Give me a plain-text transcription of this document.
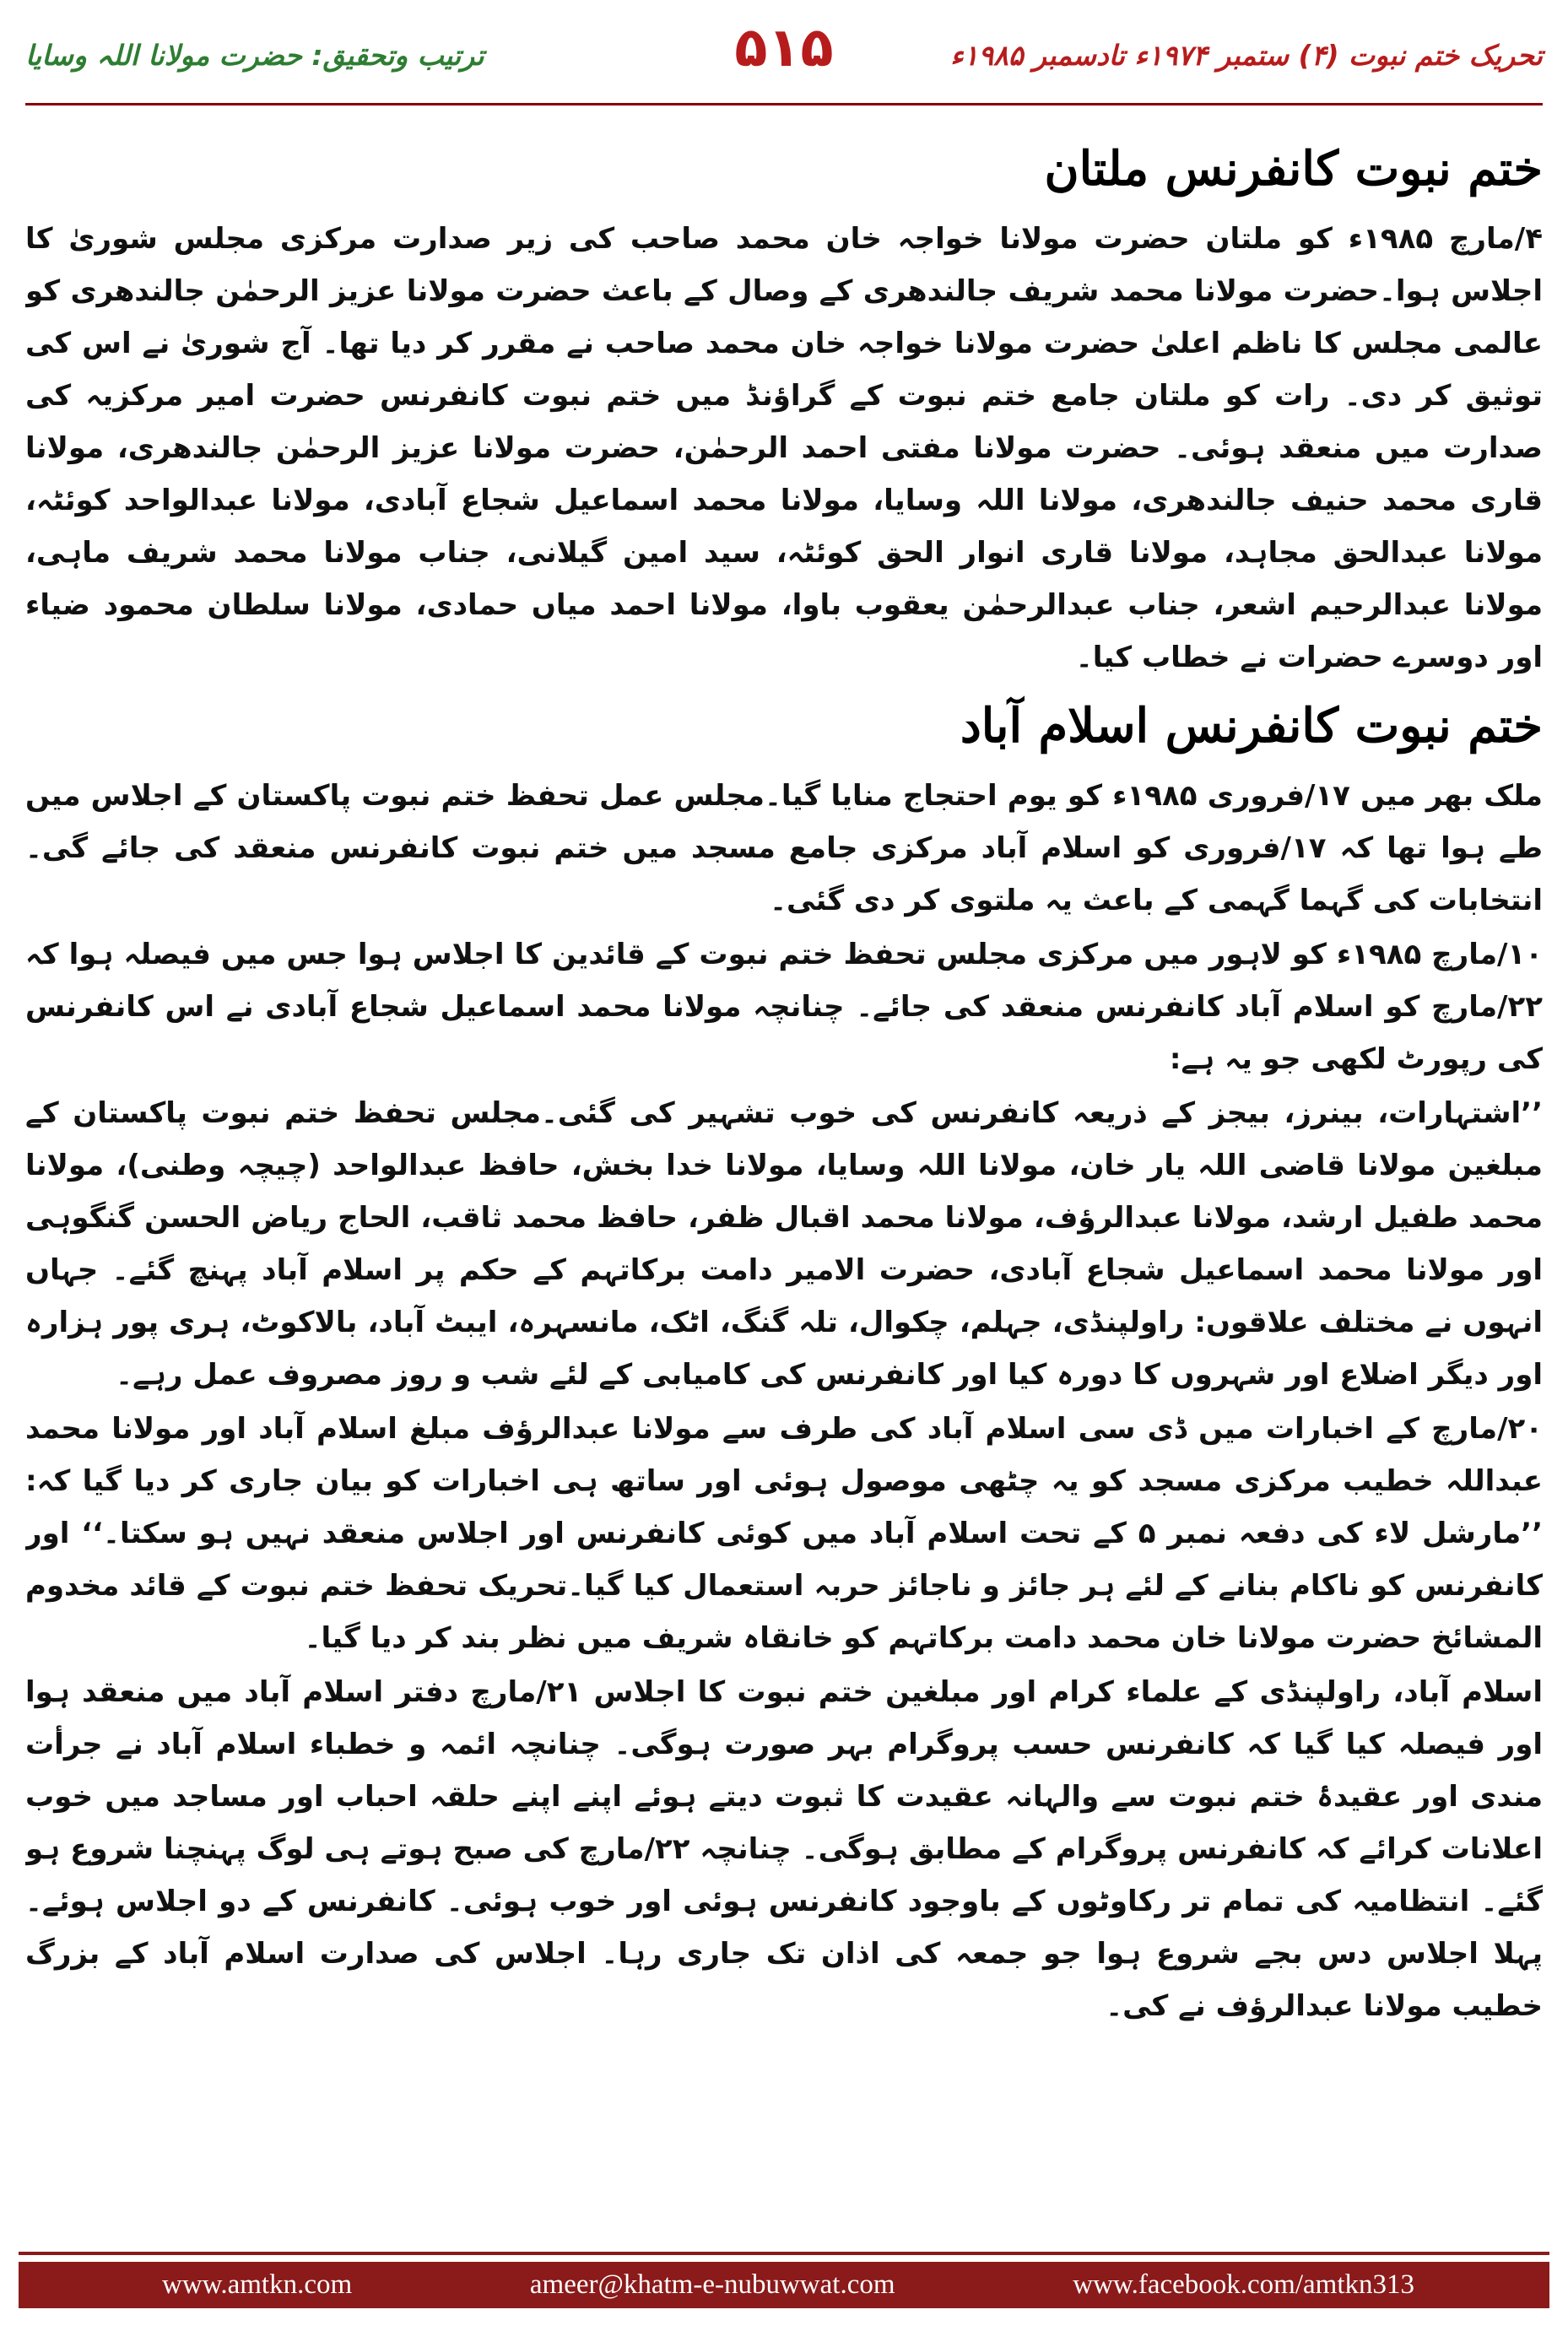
ترتیب وتحقیق: حضرت مولانا اللہ وسایا	۵۱۵	تحریک ختم نبوت (۴) ستمبر ۱۹۷۴ء تادسمبر ۱۹۸۵ء
ختم نبوت کانفرنس ملتان

۴/مارچ ۱۹۸۵ء کو ملتان حضرت مولانا خواجہ خان محمد صاحب کی زیر صدارت مرکزی مجلس شوریٰ کا اجلاس ہوا۔حضرت مولانا محمد شریف جالندھری کے وصال کے باعث حضرت مولانا عزیز الرحمٰن جالندھری کو عالمی مجلس کا ناظم اعلیٰ حضرت مولانا خواجہ خان محمد صاحب نے مقرر کر دیا تھا۔ آج شوریٰ نے اس کی توثیق کر دی۔ رات کو ملتان جامع ختم نبوت کے گراؤنڈ میں ختم نبوت کانفرنس حضرت امیر مرکزیہ کی صدارت میں منعقد ہوئی۔ حضرت مولانا مفتی احمد الرحمٰن، حضرت مولانا عزیز الرحمٰن جالندھری، مولانا قاری محمد حنیف جالندھری، مولانا اللہ وسایا، مولانا محمد اسماعیل شجاع آبادی، مولانا عبدالواحد کوئٹہ، مولانا عبدالحق مجاہد، مولانا قاری انوار الحق کوئٹہ، سید امین گیلانی، جناب مولانا محمد شریف ماہی، مولانا عبدالرحیم اشعر، جناب عبدالرحمٰن یعقوب باوا، مولانا احمد میاں حمادی، مولانا سلطان محمود ضیاء اور دوسرے حضرات نے خطاب کیا۔

ختم نبوت کانفرنس اسلام آباد

ملک بھر میں ۱۷/فروری ۱۹۸۵ء کو یوم احتجاج منایا گیا۔مجلس عمل تحفظ ختم نبوت پاکستان کے اجلاس میں طے ہوا تھا کہ ۱۷/فروری کو اسلام آباد مرکزی جامع مسجد میں ختم نبوت کانفرنس منعقد کی جائے گی۔ انتخابات کی گہما گہمی کے باعث یہ ملتوی کر دی گئی۔

۱۰/مارچ ۱۹۸۵ء کو لاہور میں مرکزی مجلس تحفظ ختم نبوت کے قائدین کا اجلاس ہوا جس میں فیصلہ ہوا کہ ۲۲/مارچ کو اسلام آباد کانفرنس منعقد کی جائے۔ چنانچہ مولانا محمد اسماعیل شجاع آبادی نے اس کانفرنس کی رپورٹ لکھی جو یہ ہے:

’’اشتہارات، بینرز، بیجز کے ذریعہ کانفرنس کی خوب تشہیر کی گئی۔مجلس تحفظ ختم نبوت پاکستان کے مبلغین مولانا قاضی اللہ یار خان، مولانا اللہ وسایا، مولانا خدا بخش، حافظ عبدالواحد (چیچہ وطنی)، مولانا محمد طفیل ارشد، مولانا عبدالرؤف، مولانا محمد اقبال ظفر، حافظ محمد ثاقب، الحاج ریاض الحسن گنگوہی اور مولانا محمد اسماعیل شجاع آبادی، حضرت الامیر دامت برکاتہم کے حکم پر اسلام آباد پہنچ گئے۔ جہاں انہوں نے مختلف علاقوں: راولپنڈی، جہلم، چکوال، تلہ گنگ، اٹک، مانسہرہ، ایبٹ آباد، بالاکوٹ، ہری پور ہزارہ اور دیگر اضلاع اور شہروں کا دورہ کیا اور کانفرنس کی کامیابی کے لئے شب و روز مصروف عمل رہے۔

۲۰/مارچ کے اخبارات میں ڈی سی اسلام آباد کی طرف سے مولانا عبدالرؤف مبلغ اسلام آباد اور مولانا محمد عبداللہ خطیب مرکزی مسجد کو یہ چٹھی موصول ہوئی اور ساتھ ہی اخبارات کو بیان جاری کر دیا گیا کہ: ’’مارشل لاء کی دفعہ نمبر ۵ کے تحت اسلام آباد میں کوئی کانفرنس اور اجلاس منعقد نہیں ہو سکتا۔‘‘ اور کانفرنس کو ناکام بنانے کے لئے ہر جائز و ناجائز حربہ استعمال کیا گیا۔تحریک تحفظ ختم نبوت کے قائد مخدوم المشائخ حضرت مولانا خان محمد دامت برکاتہم کو خانقاہ شریف میں نظر بند کر دیا گیا۔

اسلام آباد، راولپنڈی کے علماء کرام اور مبلغین ختم نبوت کا اجلاس ۲۱/مارچ دفتر اسلام آباد میں منعقد ہوا اور فیصلہ کیا گیا کہ کانفرنس حسب پروگرام بہر صورت ہوگی۔ چنانچہ ائمہ و خطباء اسلام آباد نے جرأت مندی اور عقیدۂ ختم نبوت سے والہانہ عقیدت کا ثبوت دیتے ہوئے اپنے اپنے حلقہ احباب اور مساجد میں خوب اعلانات کرائے کہ کانفرنس پروگرام کے مطابق ہوگی۔ چنانچہ ۲۲/مارچ کی صبح ہوتے ہی لوگ پہنچنا شروع ہو گئے۔ انتظامیہ کی تمام تر رکاوٹوں کے باوجود کانفرنس ہوئی اور خوب ہوئی۔ کانفرنس کے دو اجلاس ہوئے۔ پہلا اجلاس دس بجے شروع ہوا جو جمعہ کی اذان تک جاری رہا۔ اجلاس کی صدارت اسلام آباد کے بزرگ خطیب مولانا عبدالرؤف نے کی۔

www.amtkn.com	ameer@khatm-e-nubuwwat.com	www.facebook.com/amtkn313
